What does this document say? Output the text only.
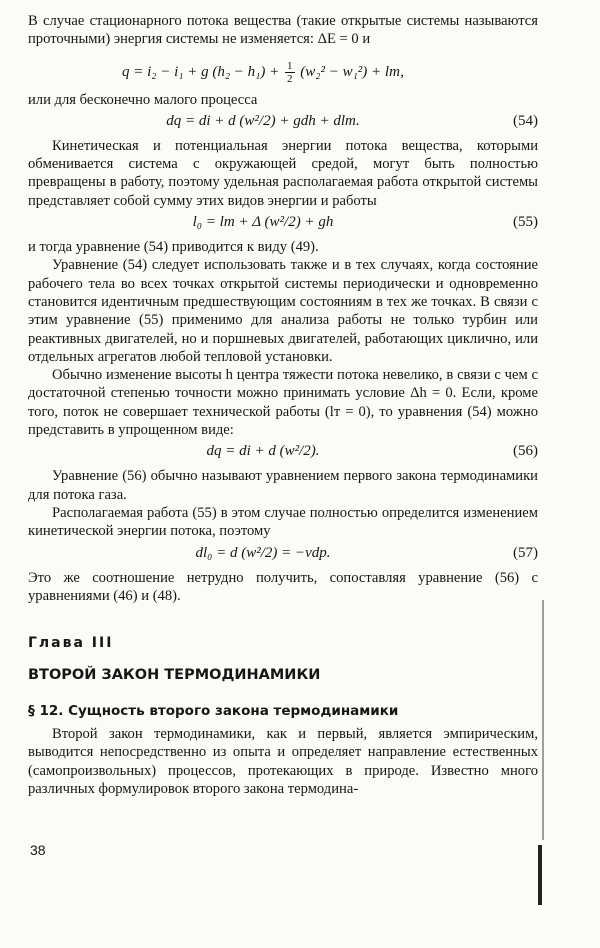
В случае стационарного потока вещества (такие открытые системы называются проточными) энергия системы не изменяется: ΔE = 0 и

q = i₂ − i₁ + g $(h_2 - h_1) + \frac{1}{2} (w_2^2 - w_1^2)$ + lт,

или для бесконечно малого процесса

dq = di + d (w²/2) + gdh + dlт.	(54)

Кинетическая и потенциальная энергии потока вещества, которыми обменивается система с окружающей средой, могут быть полностью превращены в работу, поэтому удельная располагаемая работа открытой системы представляет собой сумму этих видов энергии и работы

l₀ = lт + Δ (w²/2) + gh	(55)

и тогда уравнение (54) приводится к виду (49).

Уравнение (54) следует использовать также и в тех случаях, когда состояние рабочего тела во всех точках открытой системы периодически и одновременно становится идентичным предшествующим состояниям в тех же точках. В связи с этим уравнение (55) применимо для анализа работы не только турбин или реактивных двигателей, но и поршневых двигателей, работающих циклично, или отдельных агрегатов любой тепловой установки.

Обычно изменение высоты h центра тяжести потока невелико, в связи с чем с достаточной степенью точности можно принимать условие Δh = 0. Если, кроме того, поток не совершает технической работы (lт = 0), то уравнения (54) можно представить в упрощенном виде:

dq = di + d (w²/2).	(56)

Уравнение (56) обычно называют уравнением первого закона термодинамики для потока газа.

Располагаемая работа (55) в этом случае полностью определится изменением кинетической энергии потока, поэтому

dl₀ = d (w²/2) = −vdp.	(57)

Это же соотношение нетрудно получить, сопоставляя уравнение (56) с уравнениями (46) и (48).

Глава III
ВТОРОЙ ЗАКОН ТЕРМОДИНАМИКИ
§ 12. Сущность второго закона термодинамики

Второй закон термодинамики, как и первый, является эмпирическим, выводится непосредственно из опыта и определяет направление естественных (самопроизвольных) процессов, протекающих в природе. Известно много различных формулировок второго закона термодина-

38
